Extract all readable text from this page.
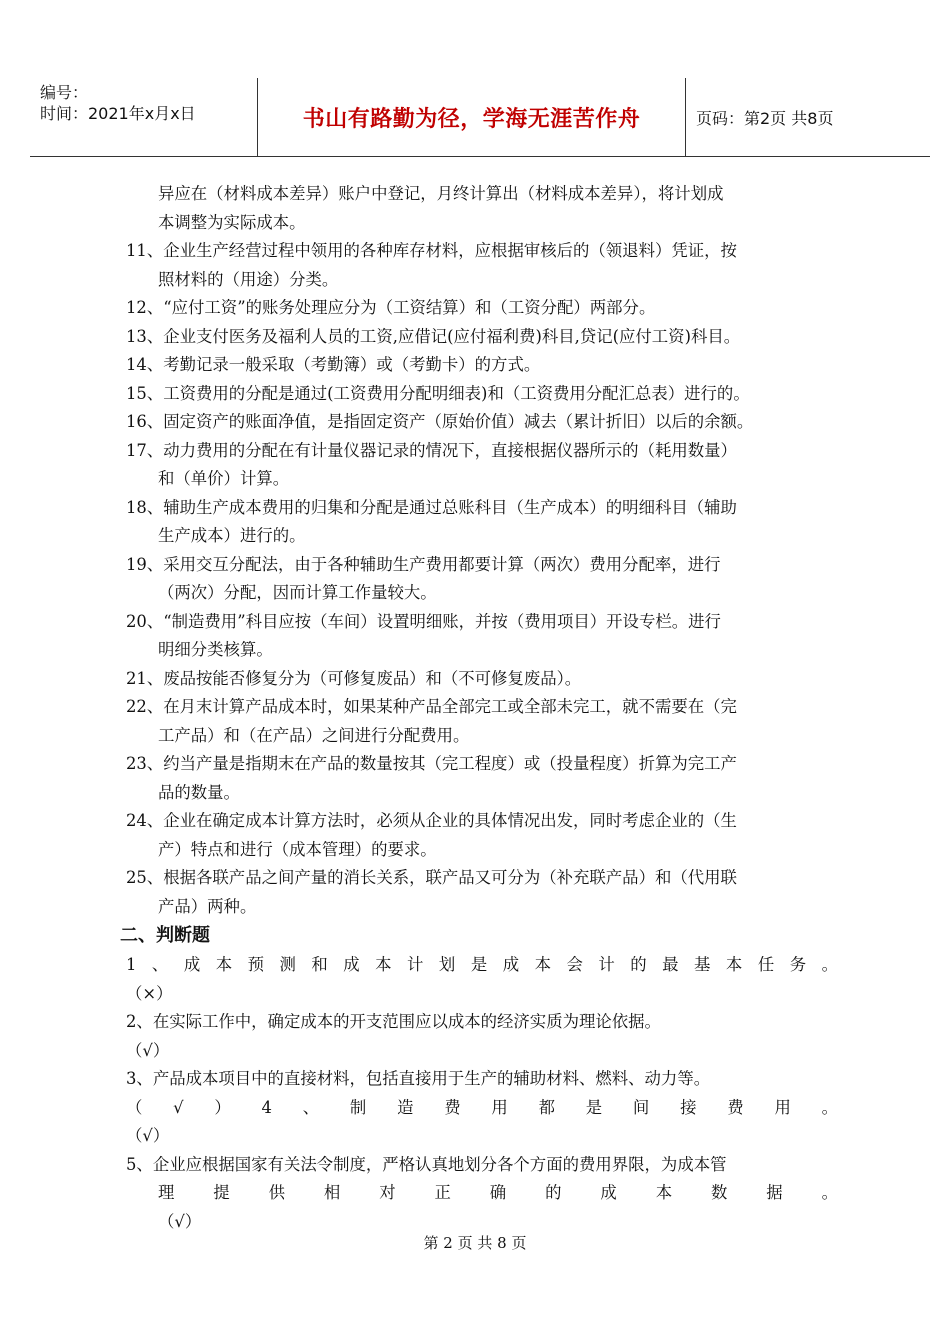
编号：
时间：2021年x月x日	书山有路勤为径，学海无涯苦作舟	页码：第2页 共8页
异应在（材料成本差异）账户中登记，月终计算出（材料成本差异），将计划成
本调整为实际成本。
11、企业生产经营过程中领用的各种库存材料，应根据审核后的（领退料）凭证，按
照材料的（用途）分类。
12、“应付工资”的账务处理应分为（工资结算）和（工资分配）两部分。
13、企业支付医务及福利人员的工资,应借记(应付福利费)科目,贷记(应付工资)科目。
14、考勤记录一般采取（考勤簿）或（考勤卡）的方式。
15、工资费用的分配是通过(工资费用分配明细表)和（工资费用分配汇总表）进行的。
16、固定资产的账面净值，是指固定资产（原始价值）减去（累计折旧）以后的余额。
17、动力费用的分配在有计量仪器记录的情况下，直接根据仪器所示的（耗用数量）
和（单价）计算。
18、辅助生产成本费用的归集和分配是通过总账科目（生产成本）的明细科目（辅助
生产成本）进行的。
19、采用交互分配法，由于各种辅助生产费用都要计算（两次）费用分配率，进行
（两次）分配，因而计算工作量较大。
20、“制造费用”科目应按（车间）设置明细账，并按（费用项目）开设专栏。进行
明细分类核算。
21、废品按能否修复分为（可修复废品）和（不可修复废品）。
22、在月末计算产品成本时，如果某种产品全部完工或全部未完工，就不需要在（完
工产品）和（在产品）之间进行分配费用。
23、约当产量是指期末在产品的数量按其（完工程度）或（投量程度）折算为完工产
品的数量。
24、企业在确定成本计算方法时，必须从企业的具体情况出发，同时考虑企业的（生
产）特点和进行（成本管理）的要求。
25、根据各联产品之间产量的消长关系，联产品又可分为（补充联产品）和（代用联
产品）两种。
二、判断题
1、成本预测和成本计划是成本会计的最基本任务。
（×）
2、在实际工作中，确定成本的开支范围应以成本的经济实质为理论依据。
（√）
3、产品成本项目中的直接材料，包括直接用于生产的辅助材料、燃料、动力等。
（√）4、制造费用都是间接费用。
（√）
5、企业应根据国家有关法令制度，严格认真地划分各个方面的费用界限，为成本管
理提供相对正确的成本数据。
（√）
第 2 页 共 8 页
